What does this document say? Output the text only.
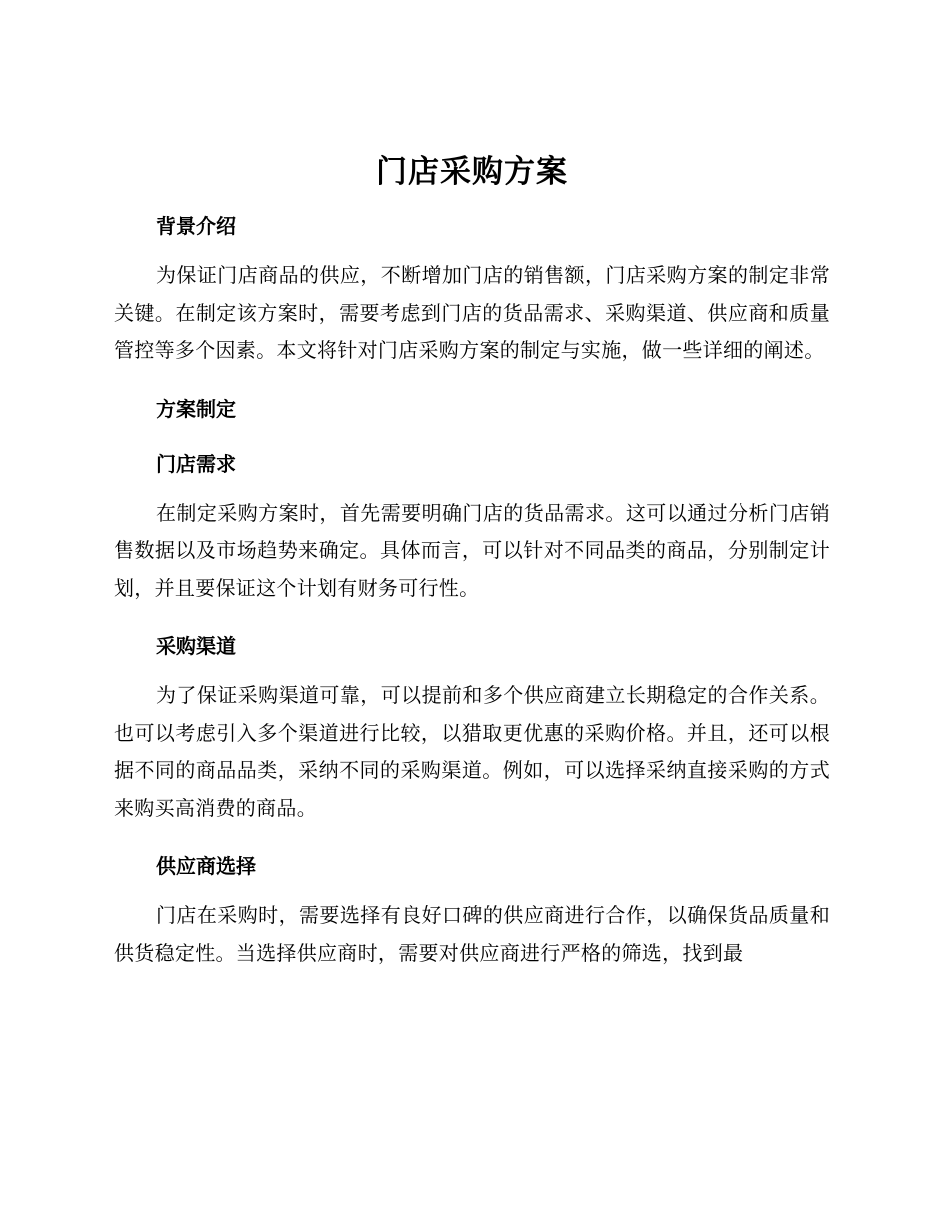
门店采购方案
背景介绍

为保证门店商品的供应，不断增加门店的销售额，门店采购方案的制定非常关键。在制定该方案时，需要考虑到门店的货品需求、采购渠道、供应商和质量管控等多个因素。本文将针对门店采购方案的制定与实施，做一些详细的阐述。

方案制定
门店需求

在制定采购方案时，首先需要明确门店的货品需求。这可以通过分析门店销售数据以及市场趋势来确定。具体而言，可以针对不同品类的商品，分别制定计划，并且要保证这个计划有财务可行性。

采购渠道

为了保证采购渠道可靠，可以提前和多个供应商建立长期稳定的合作关系。也可以考虑引入多个渠道进行比较，以猎取更优惠的采购价格。并且，还可以根据不同的商品品类，采纳不同的采购渠道。例如，可以选择采纳直接采购的方式来购买高消费的商品。

供应商选择

门店在采购时，需要选择有良好口碑的供应商进行合作，以确保货品质量和供货稳定性。当选择供应商时，需要对供应商进行严格的筛选，找到最
